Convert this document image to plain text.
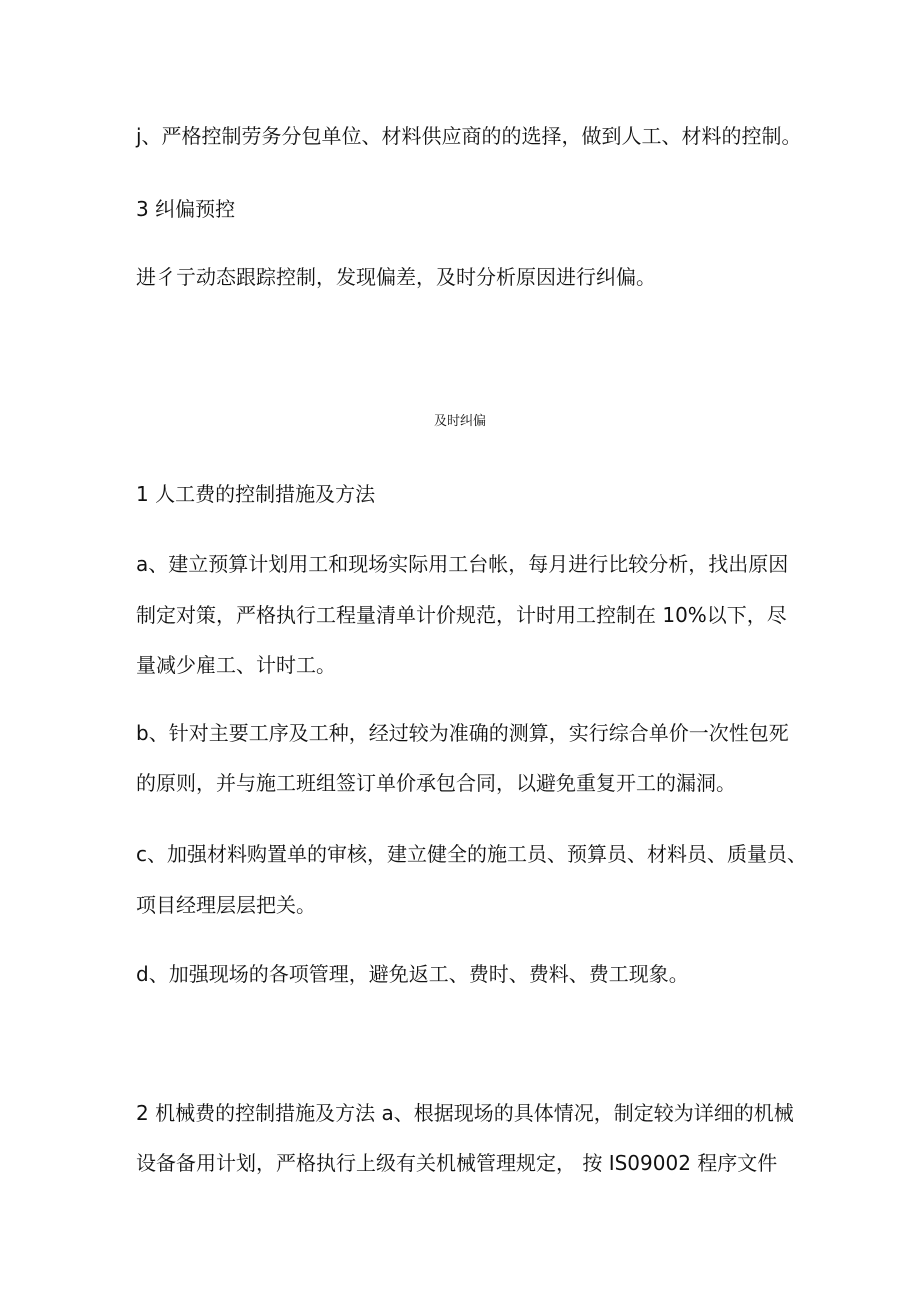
j、严格控制劳务分包单位、材料供应商的的选择，做到人工、材料的控制。
3 纠偏预控
进彳亍动态跟踪控制，发现偏差，及时分析原因进行纠偏。
及时纠偏
1 人工费的控制措施及方法
a、建立预算计划用工和现场实际用工台帐，每月进行比较分析，找出原因
制定对策，严格执行工程量清单计价规范，计时用工控制在 10%以下，尽
量减少雇工、计时工。
b、针对主要工序及工种，经过较为准确的测算，实行综合单价一次性包死
的原则，并与施工班组签订单价承包合同，以避免重复开工的漏洞。
c、加强材料购置单的审核，建立健全的施工员、预算员、材料员、质量员、
项目经理层层把关。
d、加强现场的各项管理，避免返工、费时、费料、费工现象。
2 机械费的控制措施及方法 a、根据现场的具体情况，制定较为详细的机械
设备备用计划，严格执行上级有关机械管理规定， 按 IS09002 程序文件
